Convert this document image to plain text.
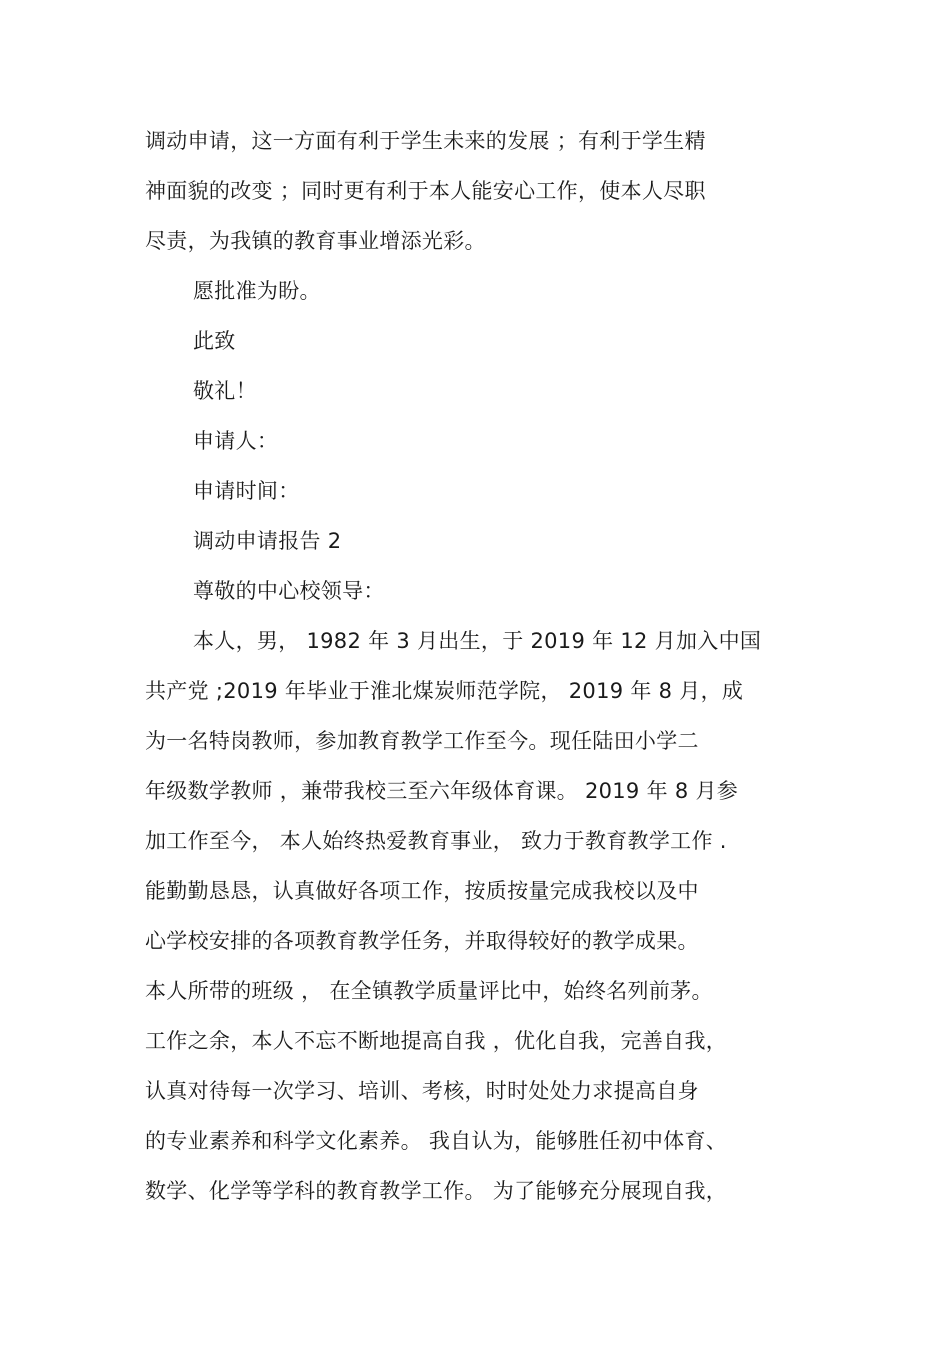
调动申请，这一方面有利于学生未来的发展 ；有利于学生精
神面貌的改变 ；同时更有利于本人能安心工作，使本人尽职
尽责，为我镇的教育事业增添光彩。
愿批准为盼。
此致
敬礼！
申请人：
申请时间：
调动申请报告 2
尊敬的中心校领导：
本人，男， 1982 年 3 月出生，于 2019 年 12 月加入中国
共产党 ;2019 年毕业于淮北煤炭师范学院， 2019 年 8 月，成
为一名特岗教师，参加教育教学工作至今。现任陆田小学二
年级数学教师 ，兼带我校三至六年级体育课。 2019 年 8 月参
加工作至今， 本人始终热爱教育事业， 致力于教育教学工作 .
能勤勤恳恳，认真做好各项工作，按质按量完成我校以及中
心学校安排的各项教育教学任务，并取得较好的教学成果。
本人所带的班级 ， 在全镇教学质量评比中，始终名列前茅。
工作之余，本人不忘不断地提高自我 ，优化自我，完善自我，
认真对待每一次学习、培训、考核，时时处处力求提高自身
的专业素养和科学文化素养。 我自认为，能够胜任初中体育、
数学、化学等学科的教育教学工作。 为了能够充分展现自我，
